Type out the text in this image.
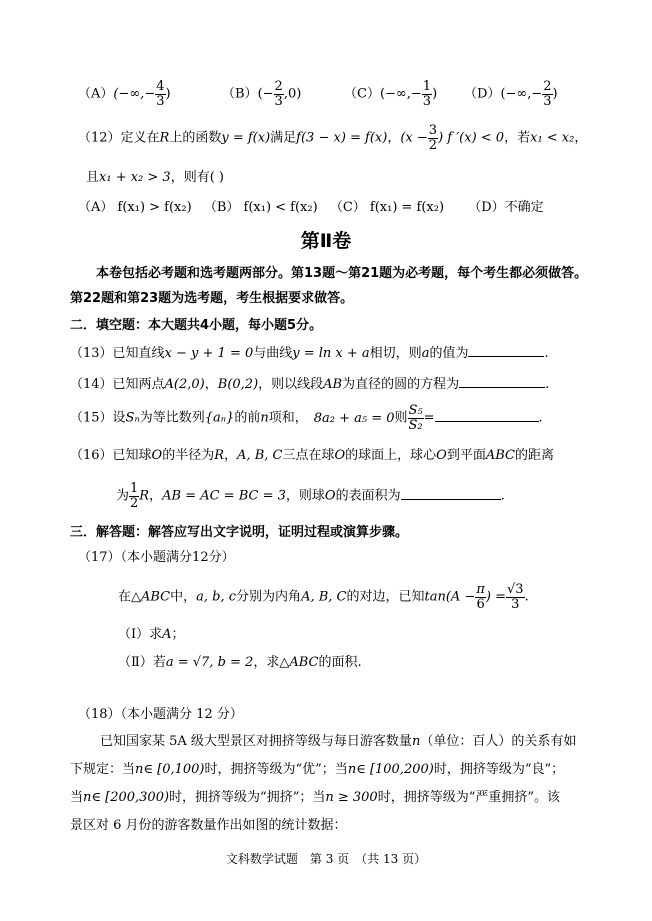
$(A)(-\infty,- \frac{4}{3}$ )	$(B)(- \frac{2}{3} ,0)$	$(C)(-\infty,- \frac{1}{3}$ ) $(D)(-\infty,- \frac{2}{3}$ )
（12）定义在R上的函数y = f(x)满足f(3 − x) = f(x)，($x - \frac{3}{2}$ ) f ′(x) < 0，若x₁ < x₂，
且x₁ + x₂ > 3，则有( )
（A） f(x₁) > f(x₂) （B） f(x₁) < f(x₂) （C） f(x₁) = f(x₂) （D）不确定
第Ⅱ卷
本卷包括必考题和选考题两部分。第13题～第21题为必考题，每个考生都必须做答。
第22题和第23题为选考题，考生根据要求做答。
二．填空题：本大题共4小题，每小题5分。
（13）已知直线x − y + 1 = 0与曲线y = ln x + a相切，则a的值为	.
（14）已知两点A(2,0)，B(0,2)，则以线段AB为直径的圆的方程为	.
（15）设Sₙ为等比数列{aₙ}的前n项和， 8a₂ + a₅ = 0则 $\frac{\text{S₅}}{\text{S₂}}$ =	.
（16）已知球O的半径为R，A, B, C三点在球O的球面上，球心O到平面ABC的距离
为 $\frac{1}{2}$ R，AB = AC = BC = 3，则球O的表面积为	.
三．解答题：解答应写出文字说明，证明过程或演算步骤。
（17）（本小题满分12分）
在△ABC中，a, b, c分别为内角A, B, C的对边，已知$\tan(A - \frac{\pi}{6}$ ) = $\frac{√3}{3}$ .
（Ⅰ）求A；
（Ⅱ）若a = √7, b = 2，求△ABC的面积.
（18）（本小题满分 12 分）
已知国家某 5A 级大型景区对拥挤等级与每日游客数量n（单位：百人）的关系有如
下规定：当n∈ [0,100)时，拥挤等级为“优”；当n∈ [100,200)时，拥挤等级为“良”；
当n∈ [200,300)时，拥挤等级为“拥挤”；当n ≥ 300时，拥挤等级为“严重拥挤”。该
景区对 6 月份的游客数量作出如图的统计数据：
文科数学试题　第 3 页　（共 13 页）
